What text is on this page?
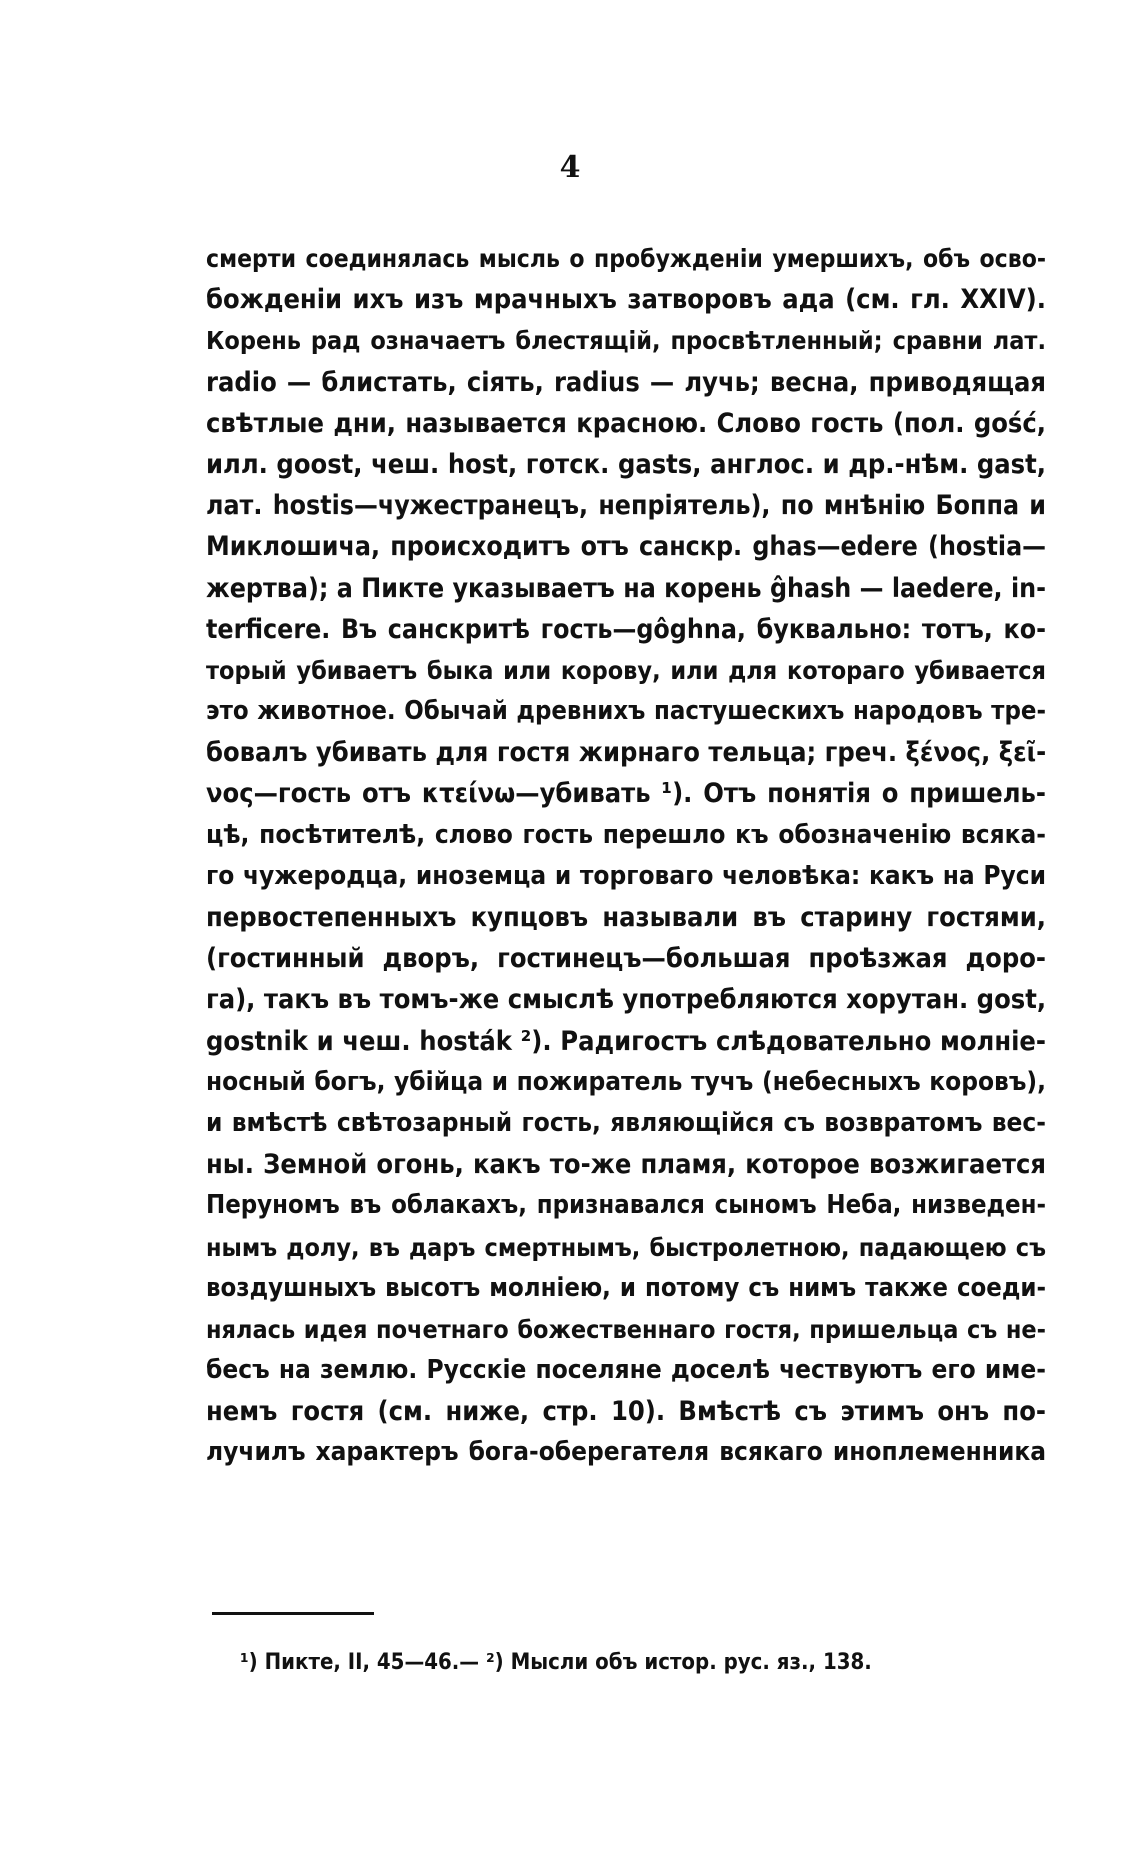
4
смерти соединялась мысль о пробужденіи умершихъ, объ осво-
божденіи ихъ изъ мрачныхъ затворовъ ада (см. гл. XXIV).
Корень рад означаетъ блестящій, просвѣтленный; сравни лат.
radio — блистать, сіять, radius — лучь; весна, приводящая
свѣтлые дни, называется красною. Слово гость (пол. gość,
илл. goost, чеш. host, готск. gasts, англос. и др.-нѣм. gast,
лат. hostis—чужестранецъ, непріятель), по мнѣнію Боппа и
Миклошича, происходитъ отъ санскр. ghas—edere (hostia—
жертва); а Пикте указываетъ на корень ĝhash — laedere, in-
terficere. Въ санскритѣ гость—gôghna, буквально: тотъ, ко-
торый убиваетъ быка или корову, или для котораго убивается
это животное. Обычай древнихъ пастушескихъ народовъ тре-
бовалъ убивать для гостя жирнаго тельца; греч. ξένος, ξεῖ-
νος—гость отъ κτείνω—убивать ¹). Отъ понятія о пришель-
цѣ, посѣтителѣ, слово гость перешло къ обозначенію всяка-
го чужеродца, иноземца и торговаго человѣка: какъ на Руси
первостепенныхъ купцовъ называли въ старину гостями,
(гостинный дворъ, гостинецъ—большая проѣзжая доро-
га), такъ въ томъ-же смыслѣ употребляются хорутан. gost,
gostnik и чеш. hosták ²). Радигостъ слѣдовательно молніе-
носный богъ, убійца и пожиратель тучъ (небесныхъ коровъ),
и вмѣстѣ свѣтозарный гость, являющійся съ возвратомъ вес-
ны. Земной огонь, какъ то-же пламя, которое возжигается
Перуномъ въ облакахъ, признавался сыномъ Неба, низведен-
нымъ долу, въ даръ смертнымъ, быстролетною, падающею съ
воздушныхъ высотъ молніею, и потому съ нимъ также соеди-
нялась идея почетнаго божественнаго гостя, пришельца съ не-
бесъ на землю. Русскіе поселяне доселѣ чествуютъ его име-
немъ гостя (см. ниже, стр. 10). Вмѣстѣ съ этимъ онъ по-
лучилъ характеръ бога-оберегателя всякаго иноплеменника
¹) Пикте, II, 45—46.— ²) Мысли объ истор. рус. яз., 138.
